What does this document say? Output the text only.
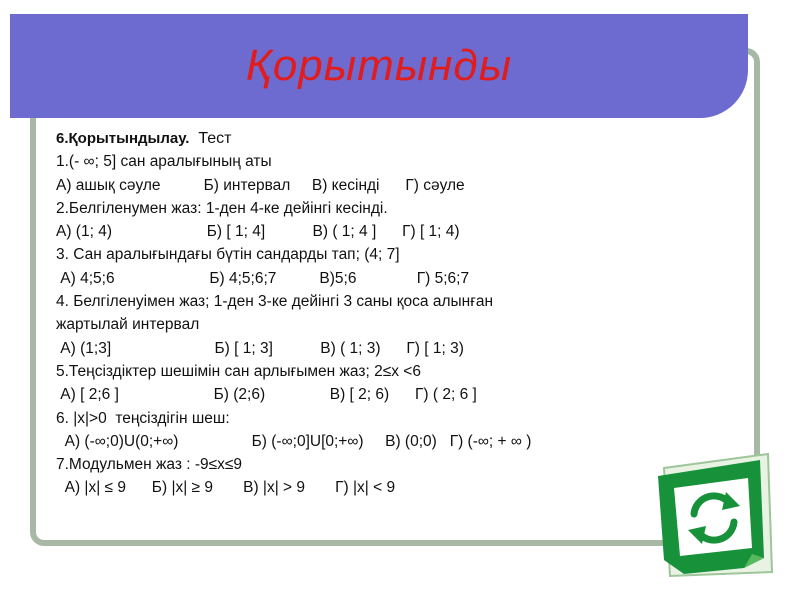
Қорытынды
6.Қорытындылау.  Тест
1.(- ∞; 5] сан аралығының аты
А) ашық сәуле          Б) интервал     В) кесінді      Г) сәуле
2.Белгіленумен жаз: 1-ден 4-ке дейінгі кесінді.
А) (1; 4)                      Б) [ 1; 4]           В) ( 1; 4 ]      Г) [ 1; 4)
3. Сан аралығындағы бүтін сандарды тап; (4; 7]
А) 4;5;6                      Б) 4;5;6;7          В)5;6              Г) 5;6;7
4. Белгіленуімен жаз; 1-ден 3-ке дейінгі 3 саны қоса алынған
жартылай интервал
А) (1;3]                        Б) [ 1; 3]           В) ( 1; 3)      Г) [ 1; 3)
5.Теңсіздіктер шешімін сан арлығымен жаз; 2≤х <6
А) [ 2;6 ]                      Б) (2;6)               В) [ 2; 6)      Г) ( 2; 6 ]
6. |x|>0  теңсіздігін шеш:
А) (-∞;0)U(0;+∞)                 Б) (-∞;0]U[0;+∞)     В) (0;0)   Г) (-∞; + ∞ )
7.Модульмен жаз : -9≤х≤9
А) |x| ≤ 9      Б) |x| ≥ 9       В) |x| > 9       Г) |x| < 9
